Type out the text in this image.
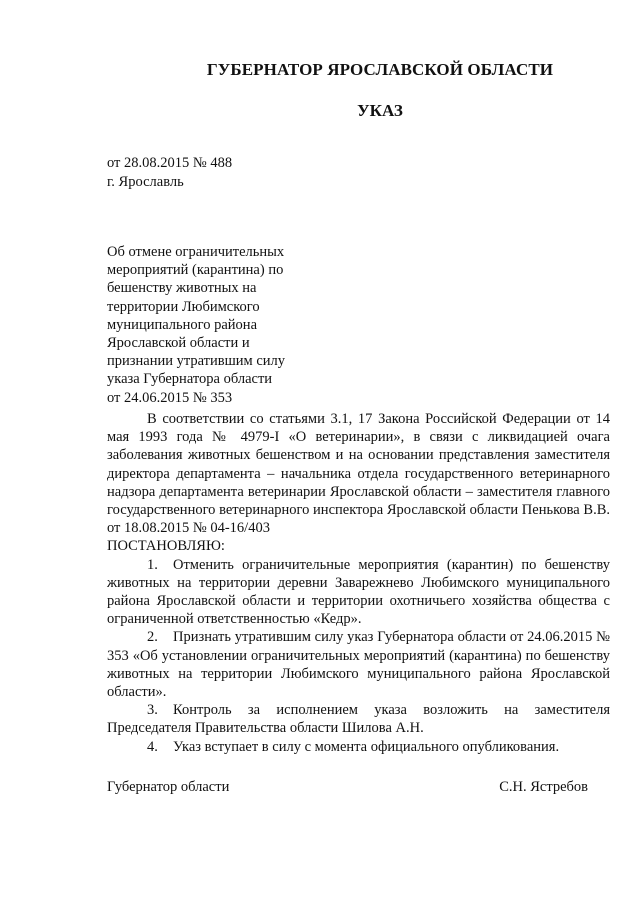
ГУБЕРНАТОР ЯРОСЛАВСКОЙ ОБЛАСТИ
УКАЗ
от 28.08.2015 № 488
г. Ярославль
Об отмене ограничительных
мероприятий (карантина) по
бешенству животных на
территории Любимского
муниципального района
Ярославской области и
признании утратившим силу
указа Губернатора области
от 24.06.2015 № 353

В соответствии со статьями 3.1, 17 Закона Российской Федерации от 14 мая 1993 года № 4979-I «О ветеринарии», в связи с ликвидацией очага заболевания животных бешенством и на основании представления заместителя директора департамента – начальника отдела государственного ветеринарного надзора департамента ветеринарии Ярославской области – заместителя главного государственного ветеринарного инспектора Ярославской области Пенькова В.В. от 18.08.2015 № 04-16/403

ПОСТАНОВЛЯЮ:

1. Отменить ограничительные мероприятия (карантин) по бешенству животных на территории деревни Заварежнево Любимского муниципального района Ярославской области и территории охотничьего хозяйства общества с ограниченной ответственностью «Кедр».

2. Признать утратившим силу указ Губернатора области от 24.06.2015 № 353 «Об установлении ограничительных мероприятий (карантина) по бешенству животных на территории Любимского муниципального района Ярославской области».

3. Контроль за исполнением указа возложить на заместителя Председателя Правительства области Шилова А.Н.

4. Указ вступает в силу с момента официального опубликования.

Губернатор области	С.Н. Ястребов
